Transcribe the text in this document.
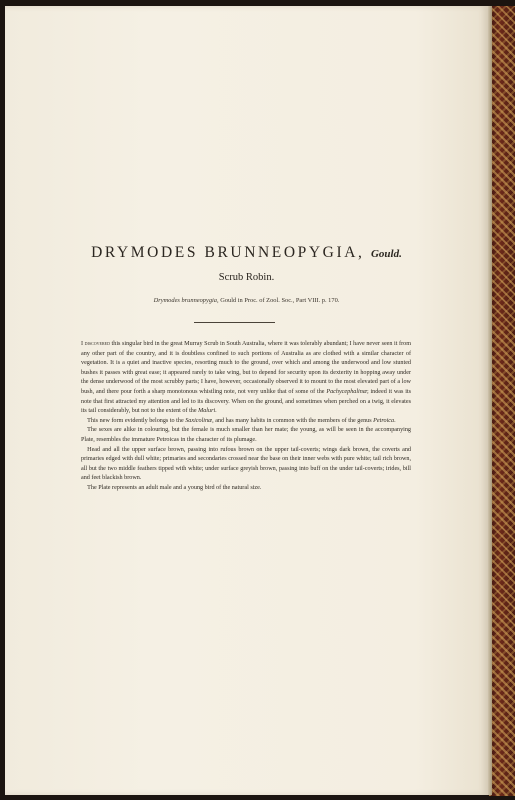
DRYMODES BRUNNEOPYGIA, Gould.
Scrub Robin.
Drymodes brunneopygia, Gould in Proc. of Zool. Soc., Part VIII. p. 170.

I discovered this singular bird in the great Murray Scrub in South Australia, where it was tolerably abundant; I have never seen it from any other part of the country, and it is doubtless confined to such portions of Australia as are clothed with a similar character of vegetation. It is a quiet and inactive species, resorting much to the ground, over which and among the underwood and low stunted bushes it passes with great ease; it appeared rarely to take wing, but to depend for security upon its dexterity in hopping away under the dense underwood of the most scrubby parts; I have, however, occasionally observed it to mount to the most elevated part of a low bush, and there pour forth a sharp monotonous whistling note, not very unlike that of some of the Pachycephalinæ; indeed it was its note that first attracted my attention and led to its discovery. When on the ground, and sometimes when perched on a twig, it elevates its tail considerably, but not to the extent of the Maluri.

 This new form evidently belongs to the Saxicolinæ, and has many habits in common with the members of the genus Petroica.

 The sexes are alike in colouring, but the female is much smaller than her mate; the young, as will be seen in the accompanying Plate, resembles the immature Petroicas in the character of its plumage.

 Head and all the upper surface brown, passing into rufous brown on the upper tail-coverts; wings dark brown, the coverts and primaries edged with dull white; primaries and secondaries crossed near the base on their inner webs with pure white; tail rich brown, all but the two middle feathers tipped with white; under surface greyish brown, passing into buff on the under tail-coverts; irides, bill and feet blackish brown.

 The Plate represents an adult male and a young bird of the natural size.
